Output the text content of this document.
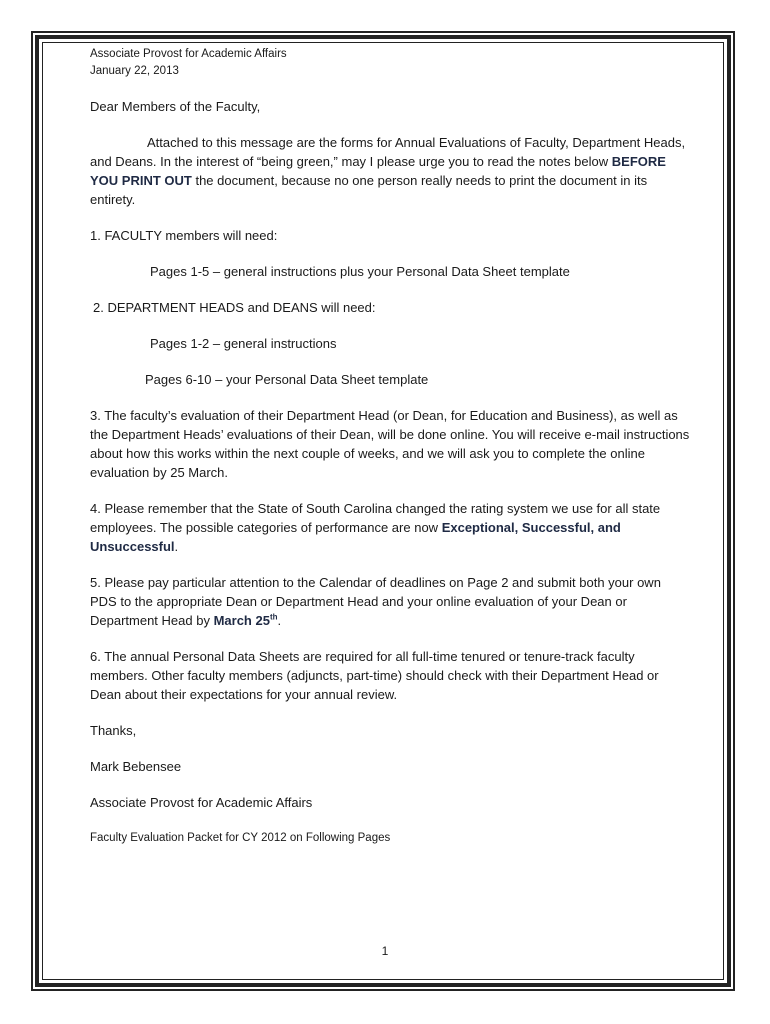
Associate Provost for Academic Affairs

January 22, 2013

Dear Members of the Faculty,

Attached to this message are the forms for Annual Evaluations of Faculty, Department Heads, and Deans. In the interest of “being green,” may I please urge you to read the notes below BEFORE YOU PRINT OUT the document, because no one person really needs to print the document in its entirety.

1. FACULTY members will need:

Pages 1-5 – general instructions plus your Personal Data Sheet template

2. DEPARTMENT HEADS and DEANS will need:

Pages 1-2 – general instructions

Pages 6-10 – your Personal Data Sheet template

3. The faculty’s evaluation of their Department Head (or Dean, for Education and Business), as well as the Department Heads’ evaluations of their Dean, will be done online. You will receive e-mail instructions about how this works within the next couple of weeks, and we will ask you to complete the online evaluation by 25 March.

4. Please remember that the State of South Carolina changed the rating system we use for all state employees. The possible categories of performance are now Exceptional, Successful, and Unsuccessful.

5. Please pay particular attention to the Calendar of deadlines on Page 2 and submit both your own PDS to the appropriate Dean or Department Head and your online evaluation of your Dean or Department Head by March 25th.

6. The annual Personal Data Sheets are required for all full-time tenured or tenure-track faculty members. Other faculty members (adjuncts, part-time) should check with their Department Head or Dean about their expectations for your annual review.

Thanks,

Mark Bebensee

Associate Provost for Academic Affairs

Faculty Evaluation Packet for CY 2012 on Following Pages

1
